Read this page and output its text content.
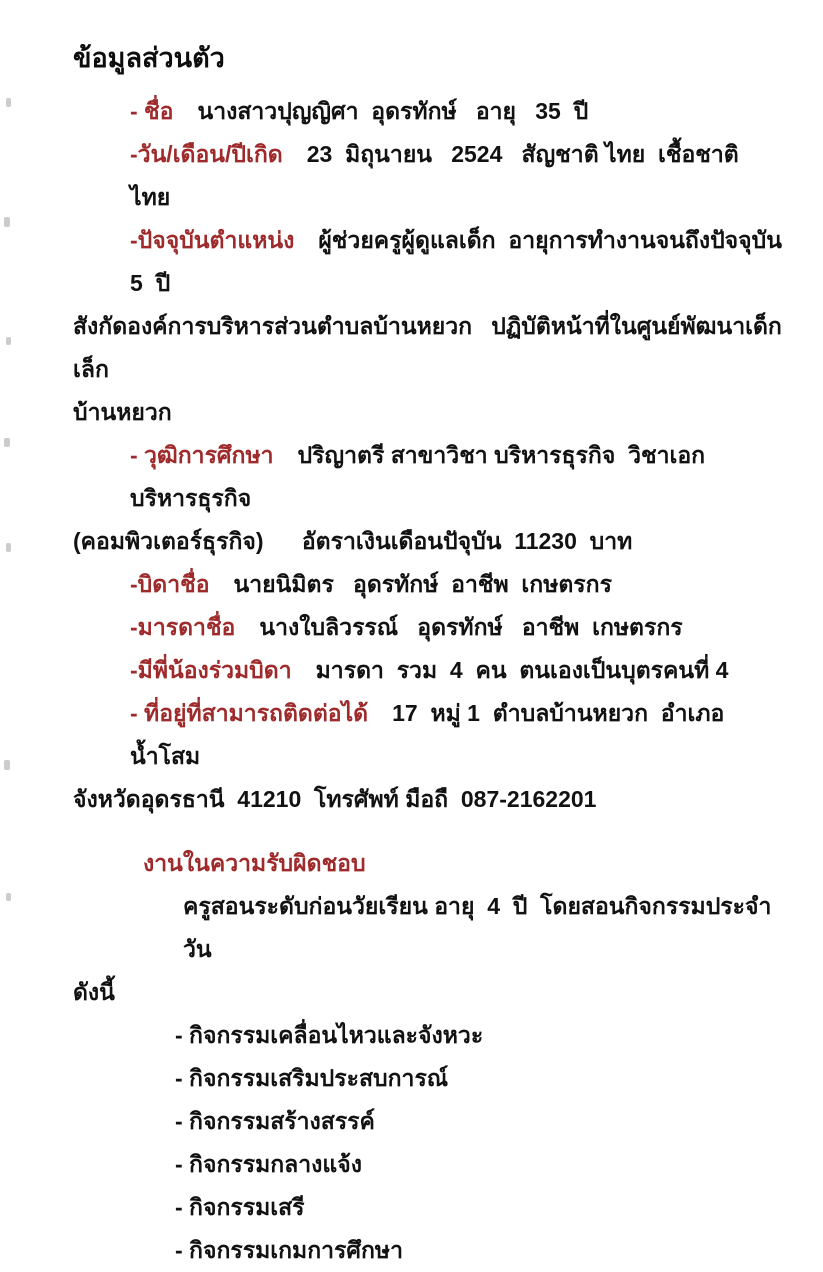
ข้อมูลส่วนตัว
- ชื่อ นางสาวปุญญิศา  อุดรทักษ์   อายุ   35  ปี
-วัน/เดือน/ปีเกิด 23  มิถุนายน   2524   สัญชาติ ไทย  เชื้อชาติ  ไทย
-ปัจจุบันตำแหน่ง ผู้ช่วยครูผู้ดูแลเด็ก  อายุการทำงานจนถึงปัจจุบัน   5  ปี
สังกัดองค์การบริหารส่วนตำบลบ้านหยวก   ปฏิบัติหน้าที่ในศูนย์พัฒนาเด็กเล็ก
บ้านหยวก
- วุฒิการศึกษา ปริญาตรี สาขาวิชา บริหารธุรกิจ  วิชาเอก บริหารธุรกิจ
(คอมพิวเตอร์ธุรกิจ)      อัตราเงินเดือนปัจุบัน  11230  บาท
-บิดาชื่อ นายนิมิตร   อุดรทักษ์  อาชีพ  เกษตรกร
-มารดาชื่อ นางใบลิวรรณ์   อุดรทักษ์   อาชีพ  เกษตรกร
-มีพี่น้องร่วมบิดา มารดา  รวม  4  คน  ตนเองเป็นบุตรคนที่ 4
- ที่อยู่ที่สามารถติดต่อได้ 17  หมู่ 1  ตำบลบ้านหยวก  อำเภอน้ำโสม
จังหวัดอุดรธานี  41210  โทรศัพท์ มือถื  087-2162201
งานในความรับผิดชอบ
ครูสอนระดับก่อนวัยเรียน อายุ  4  ปี  โดยสอนกิจกรรมประจำวัน
ดังนี้
- กิจกรรมเคลื่อนไหวและจังหวะ
- กิจกรรมเสริมประสบการณ์
- กิจกรรมสร้างสรรค์
- กิจกรรมกลางแจ้ง
- กิจกรรมเสรี
- กิจกรรมเกมการศึกษา
